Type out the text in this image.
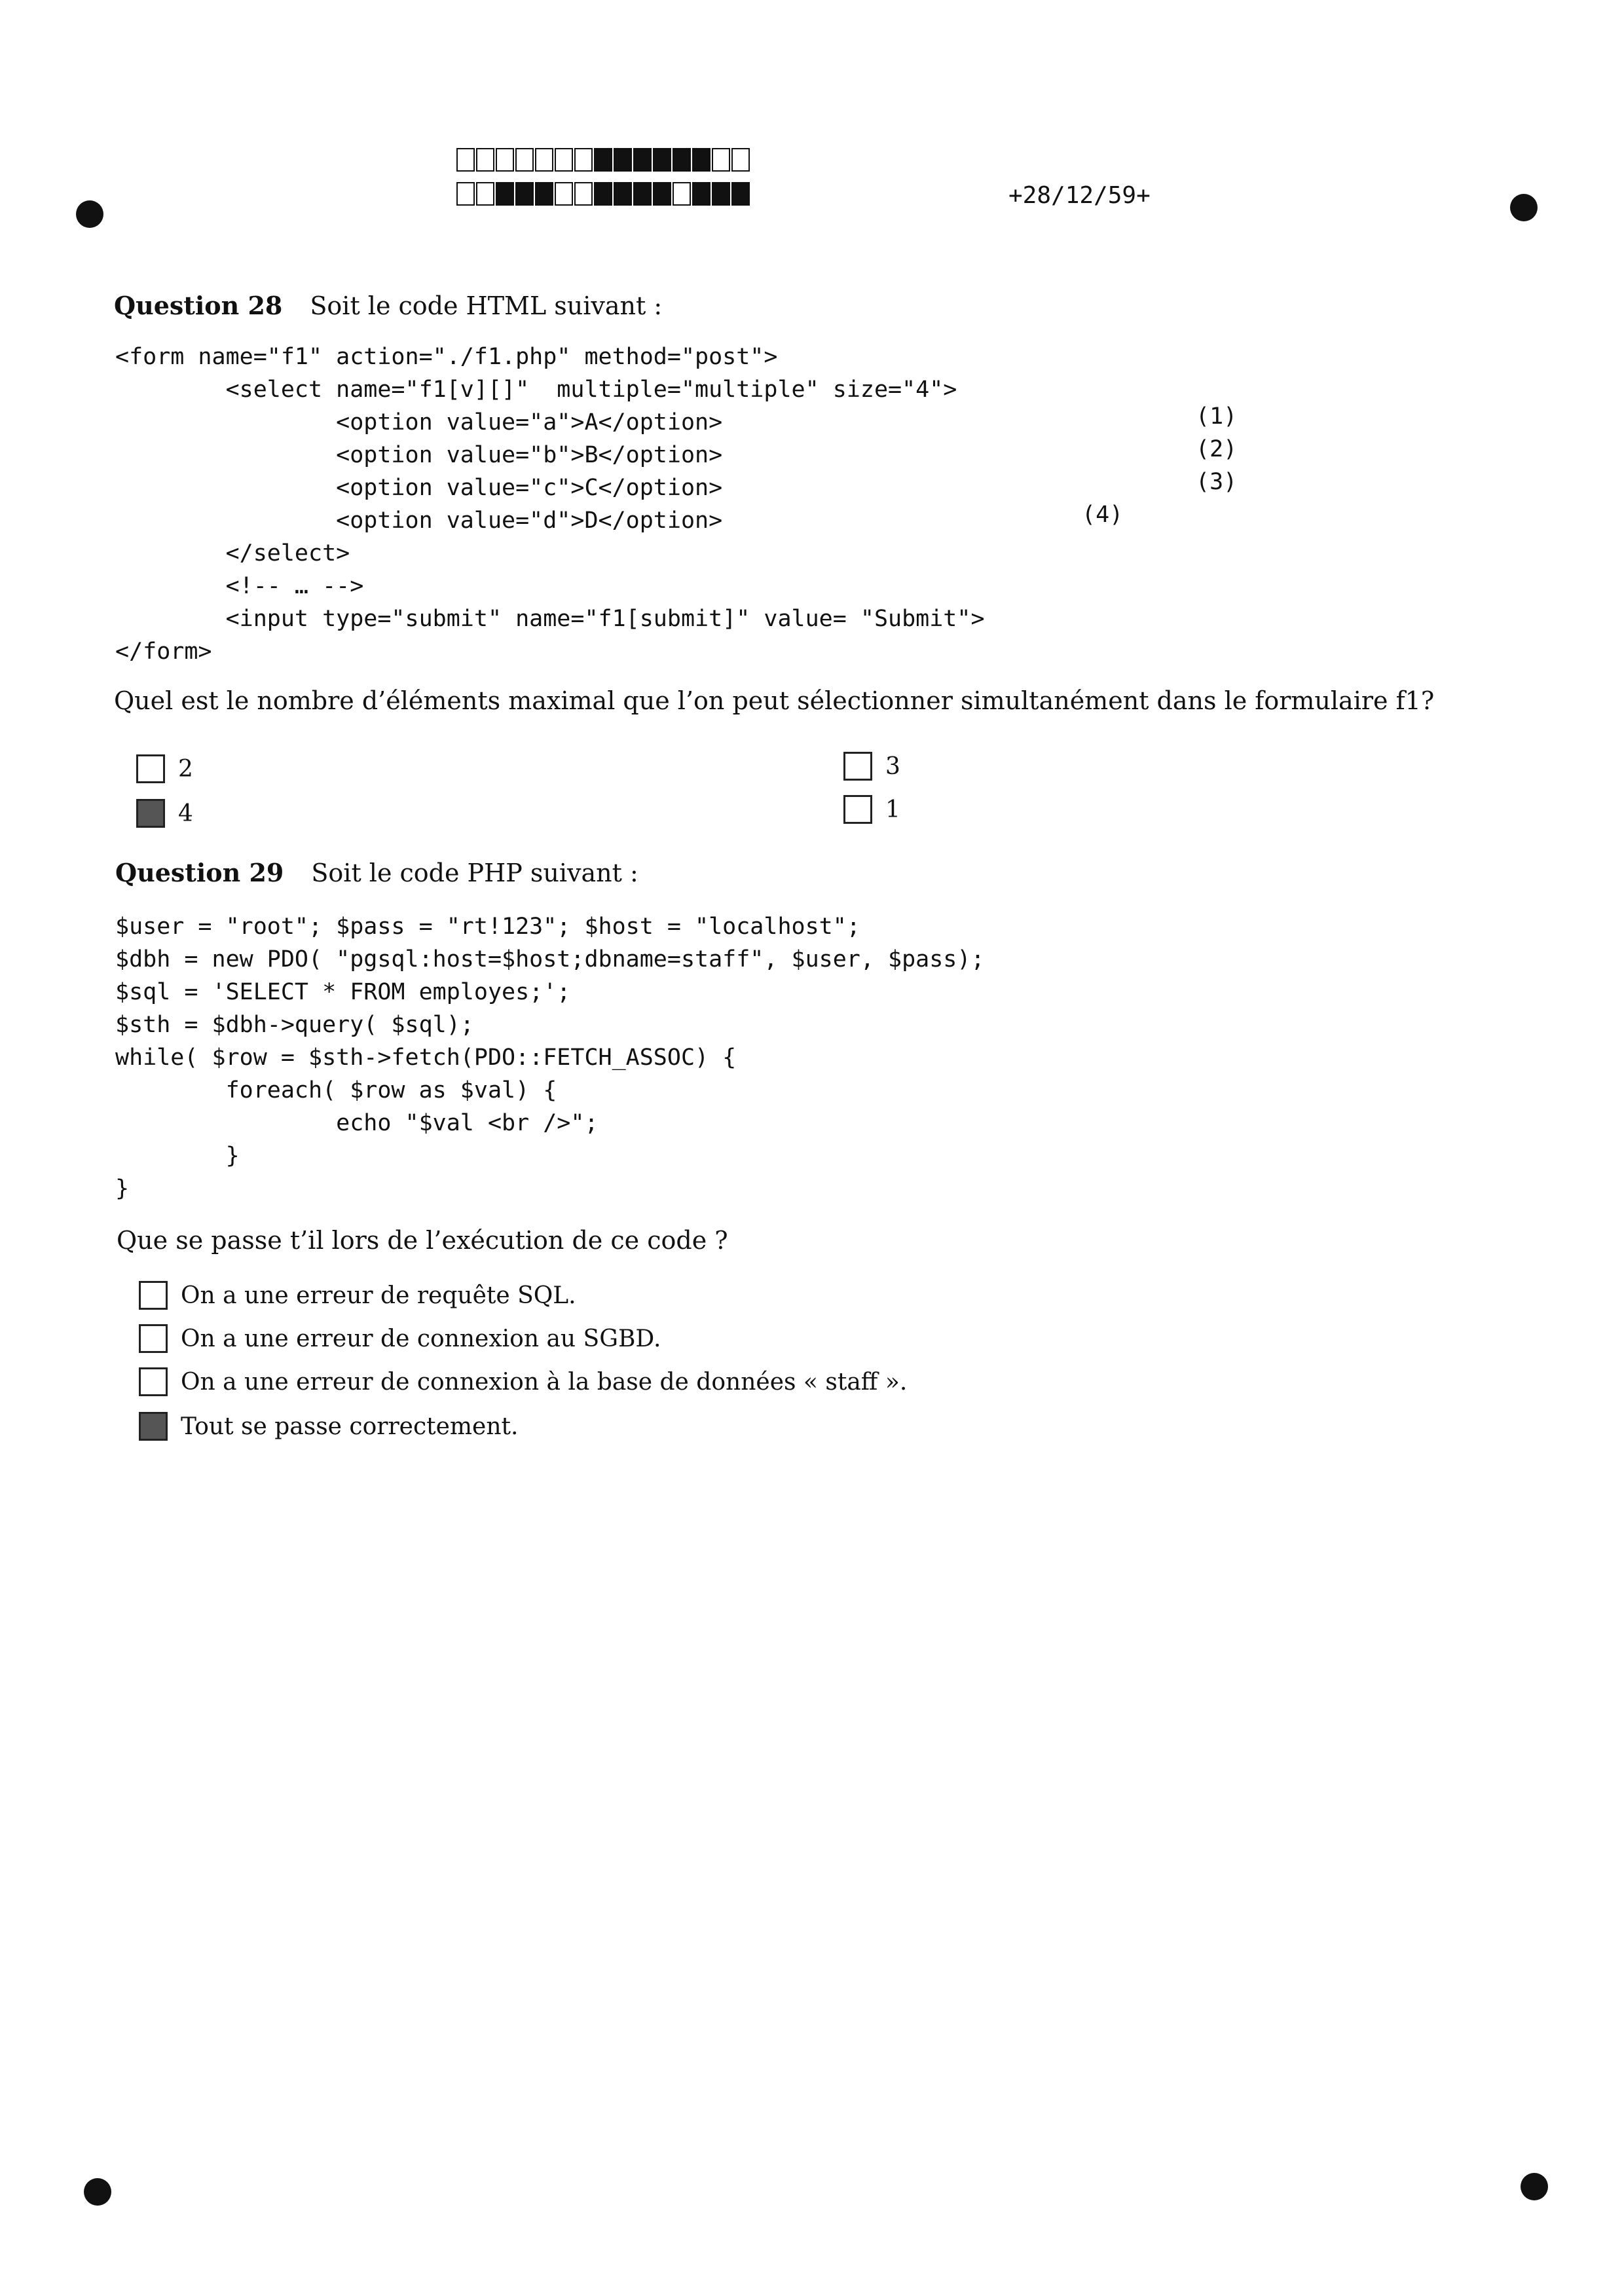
+28/12/59+
Question 28 Soit le code HTML suivant :
<form name="f1" action="./f1.php" method="post">
<select name="f1[v][]"  multiple="multiple" size="4">
<option value="a">A</option>
<option value="b">B</option>
<option value="c">C</option>
<option value="d">D</option>
</select>
<!-- … -->
<input type="submit" name="f1[submit]" value= "Submit">
</form>
(1)
(2)
(3)
(4)
Quel est le nombre d’éléments maximal que l’on peut sélectionner simultanément dans le formulaire f1?
2	3
4	1
Question 29 Soit le code PHP suivant :
$user = "root"; $pass = "rt!123"; $host = "localhost";
$dbh = new PDO( "pgsql:host=$host;dbname=staff", $user, $pass);
$sql = 'SELECT * FROM employes;';
$sth = $dbh->query( $sql);
while( $row = $sth->fetch(PDO::FETCH_ASSOC) {
foreach( $row as $val) {
echo "$val <br />";
}
}
Que se passe t’il lors de l’exécution de ce code ?
On a une erreur de requête SQL.
On a une erreur de connexion au SGBD.
On a une erreur de connexion à la base de données « staff ».
Tout se passe correctement.
